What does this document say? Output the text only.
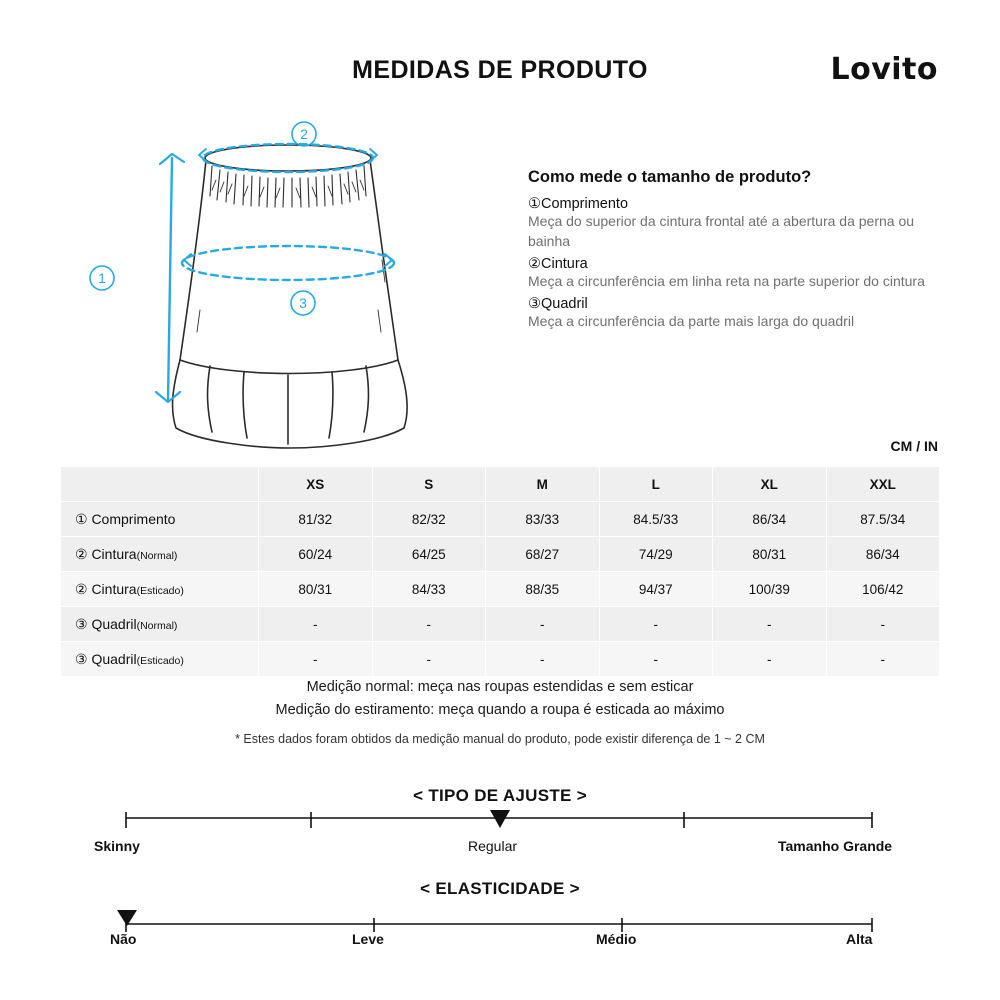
MEDIDAS DE PRODUTO	Lovito
2
1
3
Como mede o tamanho de produto?
①Comprimento
Meça do superior da cintura frontal até a abertura da perna ou bainha
②Cintura
Meça a circunferência em linha reta na parte superior do cintura
③Quadril
Meça a circunferência da parte mais larga do quadril
CM / IN
	XS	S	M	L	XL	XXL
① Comprimento	81/32	82/32	83/33	84.5/33	86/34	87.5/34
② Cintura(Normal)	60/24	64/25	68/27	74/29	80/31	86/34
② Cintura(Esticado)	80/31	84/33	88/35	94/37	100/39	106/42
③ Quadril(Normal)	-	-	-	-	-	-
③ Quadril(Esticado)	-	-	-	-	-	-
Medição normal: meça nas roupas estendidas e sem esticar
Medição do estiramento: meça quando a roupa é esticada ao máximo
* Estes dados foram obtidos da medição manual do produto, pode existir diferença de 1 ~ 2 CM
< TIPO DE AJUSTE >
Skinny	Regular	Tamanho Grande
< ELASTICIDADE >
Não	Leve	Médio	Alta
